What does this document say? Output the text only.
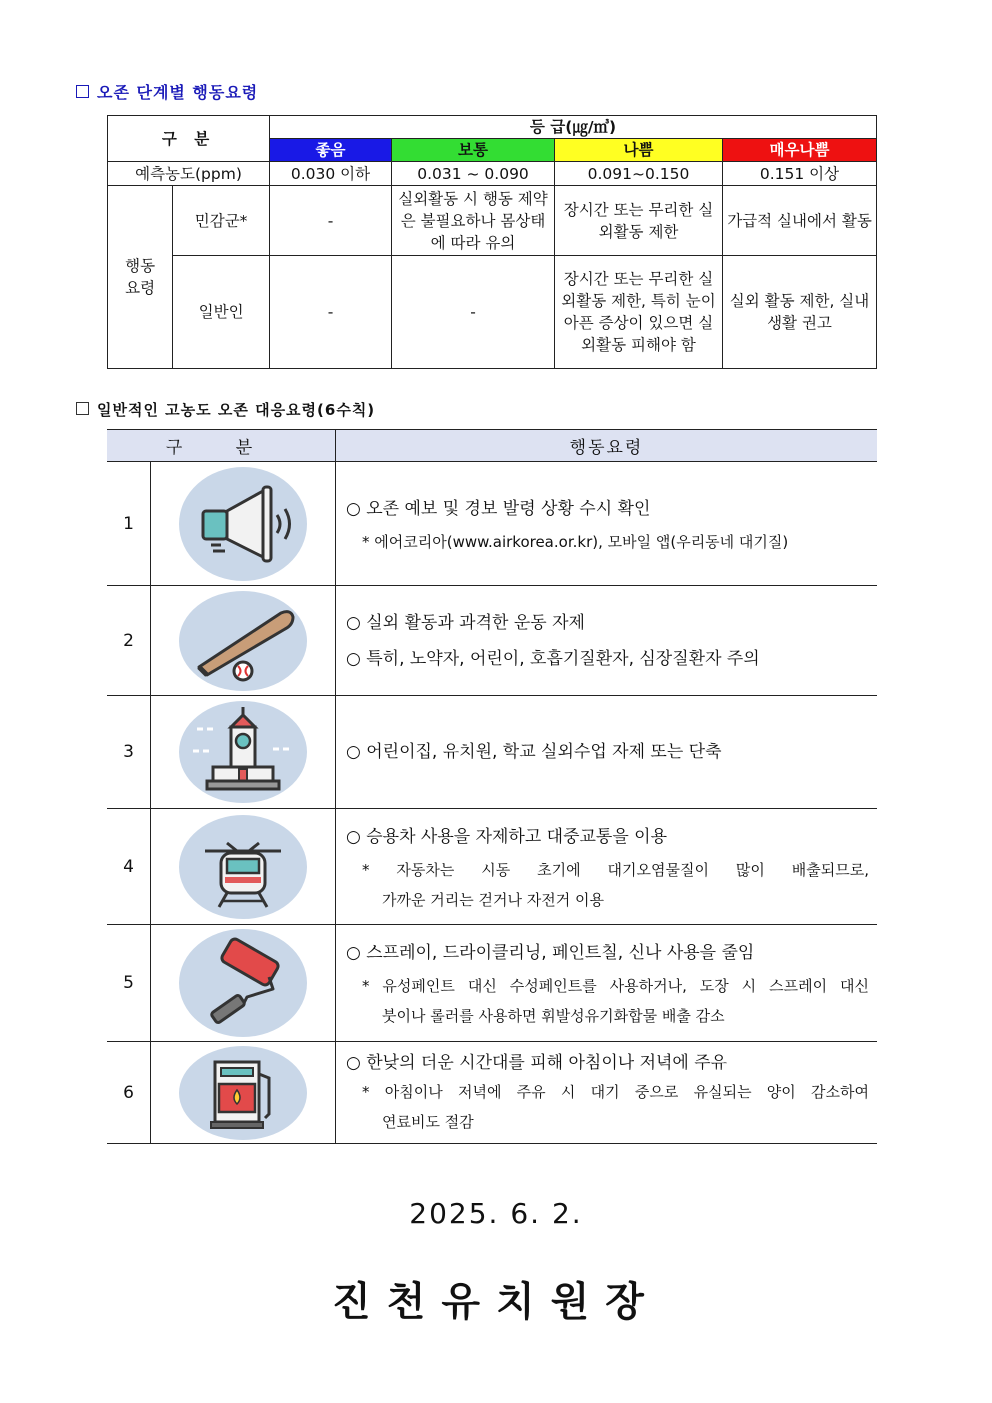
오존 단계별 행동요령
구 분		등 급(㎍/㎥)			
		좋음	보통	나쁨	매우나쁨
예측농도(ppm)		0.030 이하	0.031 ~ 0.090	0.091~0.150	0.151 이상
행동
요령	민감군*	-	실외활동 시 행동 제약은 불필요하나 몸상태에 따라 유의	장시간 또는 무리한 실외활동 제한	가급적 실내에서 활동
	일반인	-	-	장시간 또는 무리한 실외활동 제한, 특히 눈이 아픈 증상이 있으면 실외활동 피해야 함	실외 활동 제한, 실내생활 권고
일반적인 고농도 오존 대응요령(6수칙)
구 분		행동요령
1		○ 오존 예보 및 경보 발령 상황 수시 확인
* 에어코리아(www.airkorea.or.kr), 모바일 앱(우리동네 대기질)

2		○ 실외 활동과 과격한 운동 자제
○ 특히, 노약자, 어린이, 호흡기질환자, 심장질환자 주의

3		○ 어린이집, 유치원, 학교 실외수업 자제 또는 단축

4		○ 승용차 사용을 자제하고 대중교통을 이용
* 자동차는 시동 초기에 대기오염물질이 많이 배출되므로,
가까운 거리는 걷거나 자전거 이용

5		○ 스프레이, 드라이클리닝, 페인트칠, 신나 사용을 줄임
* 유성페인트 대신 수성페인트를 사용하거나, 도장 시 스프레이 대신
붓이나 롤러를 사용하면 휘발성유기화합물 배출 감소

6		○ 한낮의 더운 시간대를 피해 아침이나 저녁에 주유
* 아침이나 저녁에 주유 시 대기 중으로 유실되는 양이 감소하여
연료비도 절감
2025. 6. 2.
진천유치원장
